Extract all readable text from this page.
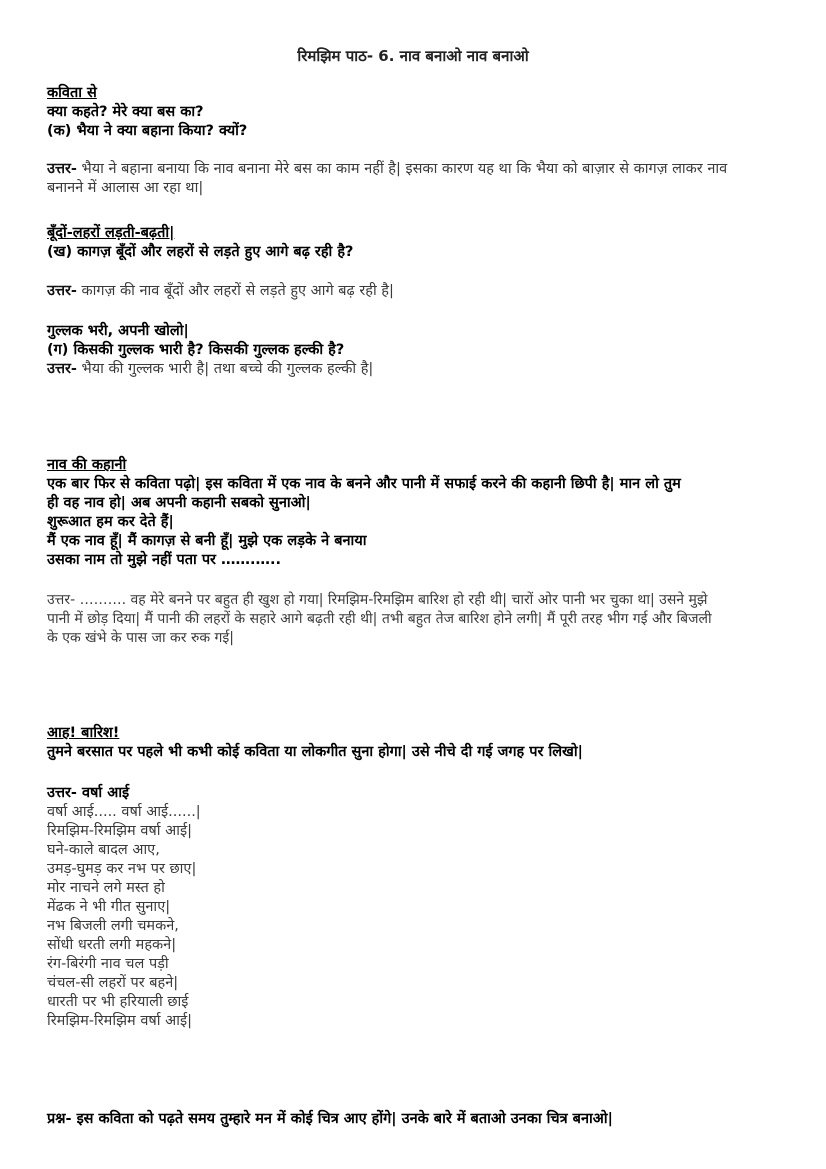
रिमझिम पाठ- 6. नाव बनाओ नाव बनाओ
कविता से
क्या कहते? मेरे क्या बस का?
(क) भैया ने क्या बहाना किया? क्यों?
उत्तर- भैया ने बहाना बनाया कि नाव बनाना मेरे बस का काम नहीं है| इसका कारण यह था कि भैया को बाज़ार से कागज़ लाकर नाव
बनानने में आलास आ रहा था|
बूँदों-लहरों लड़ती-बढ़ती|
(ख) कागज़ बूँदों और लहरों से लड़ते हुए आगे बढ़ रही है?
उत्तर- कागज़ की नाव बूँदों और लहरों से लड़ते हुए आगे बढ़ रही है|
गुल्लक भरी, अपनी खोलो|
(ग) किसकी गुल्लक भारी है? किसकी गुल्लक हल्की है?
उत्तर- भैया की गुल्लक भारी है| तथा बच्चे की गुल्लक हल्की है|
नाव की कहानी
एक बार फिर से कविता पढ़ो| इस कविता में एक नाव के बनने और पानी में सफाई करने की कहानी छिपी है| मान लो तुम
ही वह नाव हो| अब अपनी कहानी सबको सुनाओ|
शुरूआत हम कर देते हैं|
मैं एक नाव हूँ| मैं कागज़ से बनी हूँ| मुझे एक लड़के ने बनाया
उसका नाम तो मुझे नहीं पता पर …….…..
उत्तर- ………. वह मेरे बनने पर बहुत ही खुश हो गया| रिमझिम-रिमझिम बारिश हो रही थी| चारों ओर पानी भर चुका था| उसने मुझे
पानी में छोड़ दिया| मैं पानी की लहरों के सहारे आगे बढ़ती रही थी| तभी बहुत तेज बारिश होने लगी| मैं पूरी तरह भीग गई और बिजली
के एक खंभे के पास जा कर रुक गई|
आह! बारिश!
तुमने बरसात पर पहले भी कभी कोई कविता या लोकगीत सुना होगा| उसे नीचे दी गई जगह पर लिखो|
उत्तर- वर्षा आई
वर्षा आई..... वर्षा आई......|
रिमझिम-रिमझिम वर्षा आई|
घने-काले बादल आए,
उमड़-घुमड़ कर नभ पर छाए|
मोर नाचने लगे मस्त हो
मेंढक ने भी गीत सुनाए|
नभ बिजली लगी चमकने,
सोंधी धरती लगी महकने|
रंग-बिरंगी नाव चल पड़ी
चंचल-सी लहरों पर बहने|
धारती पर भी हरियाली छाई
रिमझिम-रिमझिम वर्षा आई|
प्रश्न- इस कविता को पढ़ते समय तुम्हारे मन में कोई चित्र आए होंगे| उनके बारे में बताओ उनका चित्र बनाओ|
